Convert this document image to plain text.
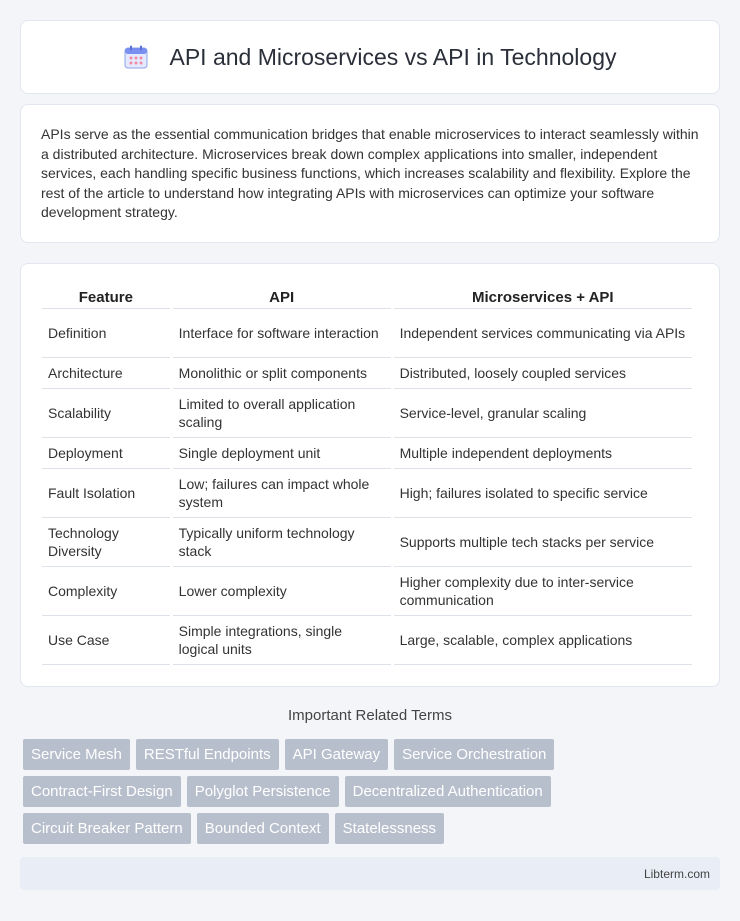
API and Microservices vs API in Technology

APIs serve as the essential communication bridges that enable microservices to interact seamlessly within a distributed architecture. Microservices break down complex applications into smaller, independent services, each handling specific business functions, which increases scalability and flexibility. Explore the rest of the article to understand how integrating APIs with microservices can optimize your software development strategy.

Feature	API	Microservices + API
Definition	Interface for software interaction	Independent services communicating via APIs
Architecture	Monolithic or split components	Distributed, loosely coupled services
Scalability	Limited to overall application scaling	Service-level, granular scaling
Deployment	Single deployment unit	Multiple independent deployments
Fault Isolation	Low; failures can impact whole system	High; failures isolated to specific service
Technology Diversity	Typically uniform technology stack	Supports multiple tech stacks per service
Complexity	Lower complexity	Higher complexity due to inter-service communication
Use Case	Simple integrations, single logical units	Large, scalable, complex applications
Important Related Terms
Service Mesh	RESTful Endpoints	API Gateway	Service Orchestration
Contract-First Design	Polyglot Persistence	Decentralized Authentication
Circuit Breaker Pattern	Bounded Context	Statelessness
Libterm.com
